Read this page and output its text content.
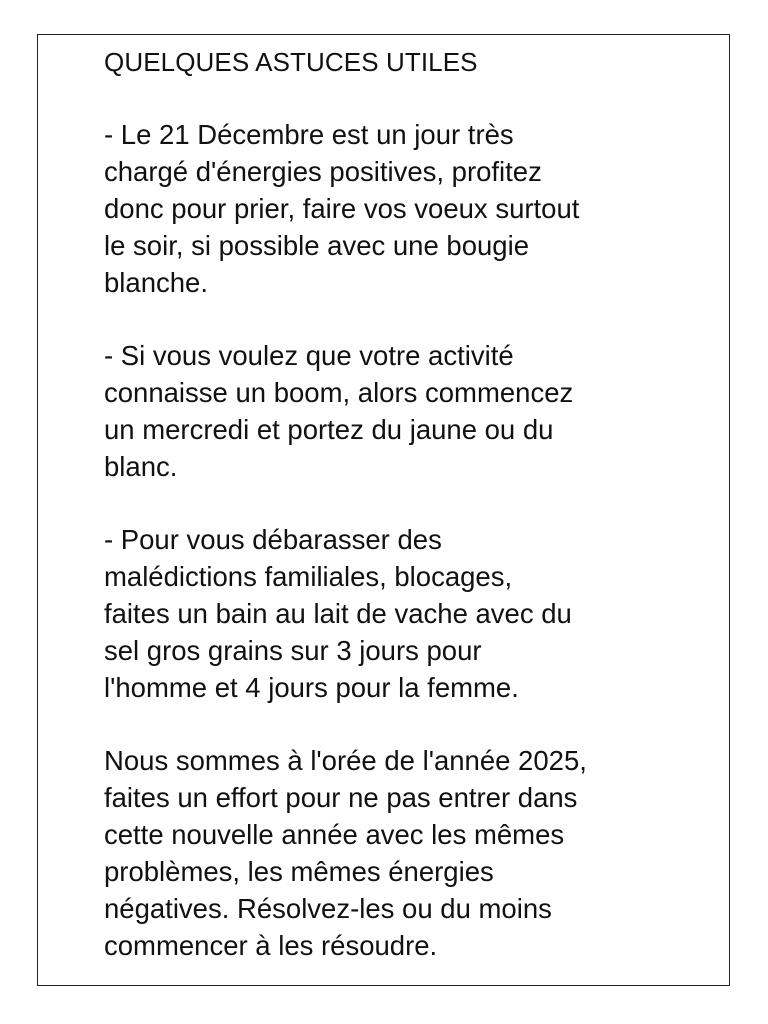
QUELQUES ASTUCES UTILES

- Le 21 Décembre est un jour très
chargé d'énergies positives, profitez
donc pour prier, faire vos voeux surtout
le soir, si possible avec une bougie
blanche.

- Si vous voulez que votre activité
connaisse un boom, alors commencez
un mercredi et portez du jaune ou du
blanc.

- Pour vous débarasser des
malédictions familiales, blocages,
faites un bain au lait de vache avec du
sel gros grains sur 3 jours pour
l'homme et 4 jours pour la femme.

Nous sommes à l'orée de l'année 2025,
faites un effort pour ne pas entrer dans
cette nouvelle année avec les mêmes
problèmes, les mêmes énergies
négatives. Résolvez-les ou du moins
commencer à les résoudre.
